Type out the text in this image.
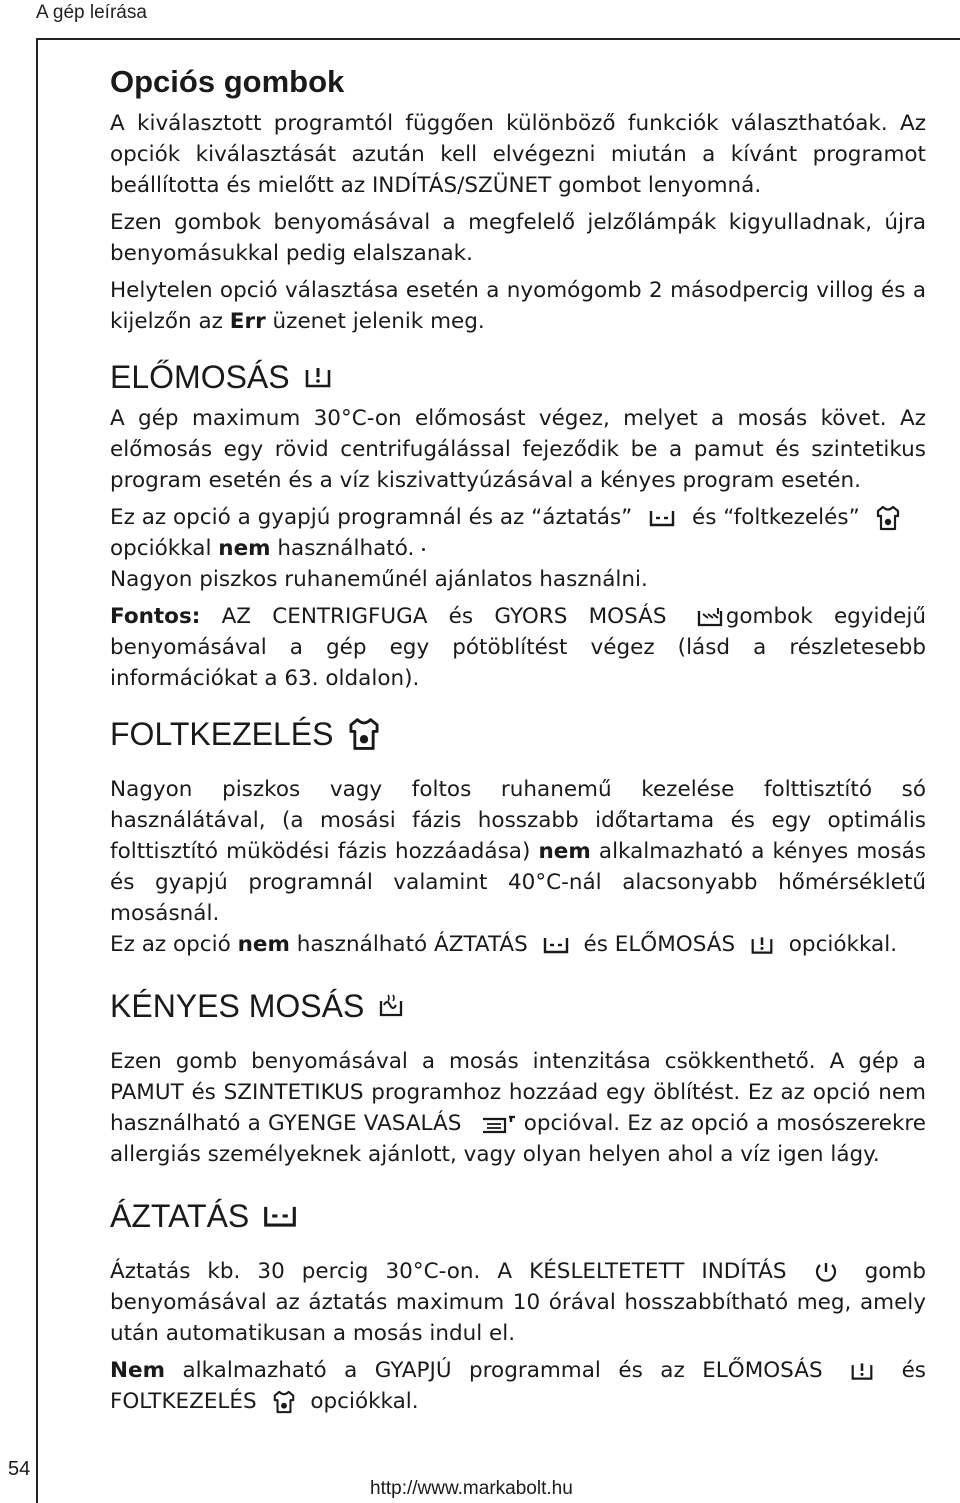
A gép leírása
54
http://www.markabolt.hu
Opciós gombok

A kiválasztott programtól függően különböző funkciók választhatóak. Az opciók kiválasztását azután kell elvégezni miután a kívánt programot beállította és mielőtt az INDÍTÁS/SZÜNET gombot lenyomná.

Ezen gombok benyomásával a megfelelő jelzőlámpák kigyulladnak, újra benyomásukkal pedig elalszanak.

Helytelen opció választása esetén a nyomógomb 2 másodpercig villog és a kijelzőn az Err üzenet jelenik meg.

ELŐMOSÁS

A gép maximum 30°C-on előmosást végez, melyet a mosás követ. Az előmosás egy rövid centrifugálással fejeződik be a pamut és szintetikus program esetén és a víz kiszivattyúzásával a kényes program esetén.

Ez az opció a gyapjú programnál és az “áztatás”	és “foltkezelés”

opciókkal nem használható.

Nagyon piszkos ruhaneműnél ajánlatos használni.

Fontos: AZ CENTRIGFUGA és GYORS MOSÁS	gombok egyidejű benyomásával a gép egy pótöblítést végez (lásd a részletesebb információkat a 63. oldalon).

FOLTKEZELÉS

Nagyon piszkos vagy foltos ruhanemű kezelése folttisztító só használátával, (a mosási fázis hosszabb időtartama és egy optimális folttisztító müködési fázis hozzáadása) nem alkalmazható a kényes mosás és gyapjú programnál valamint 40°C-nál alacsonyabb hőmérsékletű mosásnál.

Ez az opció nem használható ÁZTATÁS	és ELŐMOSÁS opciókkal.

KÉNYES MOSÁS

Ezen gomb benyomásával a mosás intenzitása csökkenthető. A gép a PAMUT és SZINTETIKUS programhoz hozzáad egy öblítést. Ez az opció nem használható a GYENGE VASALÁS	opcióval. Ez az opció a mosószerekre allergiás személyeknek ajánlott, vagy olyan helyen ahol a víz igen lágy.

ÁZTATÁS

Áztatás kb. 30 percig 30°C-on. A KÉSLELTETETT INDÍTÁS	gomb benyomásával az áztatás maximum 10 órával hosszabbítható meg, amely után automatikusan a mosás indul el.

Nem alkalmazható a GYAPJÚ programmal és az ELŐMOSÁS	és FOLTKEZELÉS opciókkal.
